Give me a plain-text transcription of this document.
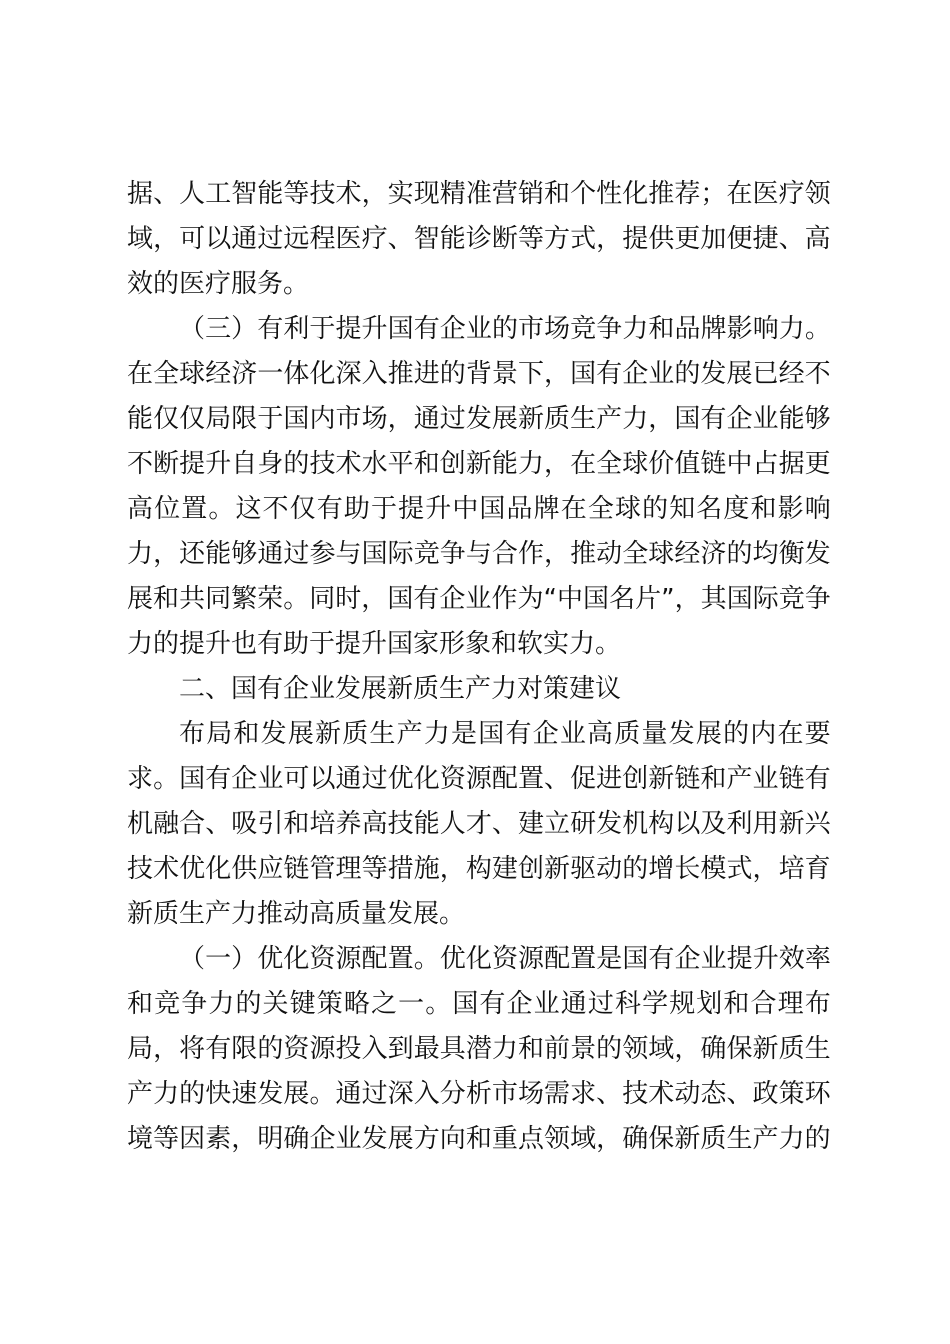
据 、 人 工 智 能 等 技 术 ， 实 现 精 准 营 销 和 个 性 化 推 荐 ； 在 医 疗 领
域 ， 可 以 通 过 远 程 医 疗 、 智 能 诊 断 等 方 式 ， 提 供 更 加 便 捷 、 高
效的医疗服务。
（ 三 ） 有 利 于 提 升 国 有 企 业 的 市 场 竞 争 力 和 品 牌 影 响 力 。
在 全 球 经 济 一 体 化 深 入 推 进 的 背 景 下 ， 国 有 企 业 的 发 展 已 经 不
能 仅 仅 局 限 于 国 内 市 场 ， 通 过 发 展 新 质 生 产 力 ， 国 有 企 业 能 够
不 断 提 升 自 身 的 技 术 水 平 和 创 新 能 力 ， 在 全 球 价 值 链 中 占 据 更
高 位 置 。 这 不 仅 有 助 于 提 升 中 国 品 牌 在 全 球 的 知 名 度 和 影 响
力 ， 还 能 够 通 过 参 与 国 际 竞 争 与 合 作 ， 推 动 全 球 经 济 的 均 衡 发
展 和 共 同 繁 荣 。 同 时 ， 国 有 企 业 作 为 “ 中 国 名 片 ” ， 其 国 际 竞 争
力的提升也有助于提升国家形象和软实力。
二、国有企业发展新质生产力对策建议
布 局 和 发 展 新 质 生 产 力 是 国 有 企 业 高 质 量 发 展 的 内 在 要
求 。 国 有 企 业 可 以 通 过 优 化 资 源 配 置 、 促 进 创 新 链 和 产 业 链 有
机 融 合 、 吸 引 和 培 养 高 技 能 人 才 、 建 立 研 发 机 构 以 及 利 用 新 兴
技 术 优 化 供 应 链 管 理 等 措 施 ， 构 建 创 新 驱 动 的 增 长 模 式 ， 培 育
新质生产力推动高质量发展。
（ 一 ） 优 化 资 源 配 置 。 优 化 资 源 配 置 是 国 有 企 业 提 升 效 率
和 竞 争 力 的 关 键 策 略 之 一 。 国 有 企 业 通 过 科 学 规 划 和 合 理 布
局 ， 将 有 限 的 资 源 投 入 到 最 具 潜 力 和 前 景 的 领 域 ， 确 保 新 质 生
产 力 的 快 速 发 展 。 通 过 深 入 分 析 市 场 需 求 、 技 术 动 态 、 政 策 环
境 等 因 素 ， 明 确 企 业 发 展 方 向 和 重 点 领 域 ， 确 保 新 质 生 产 力 的
